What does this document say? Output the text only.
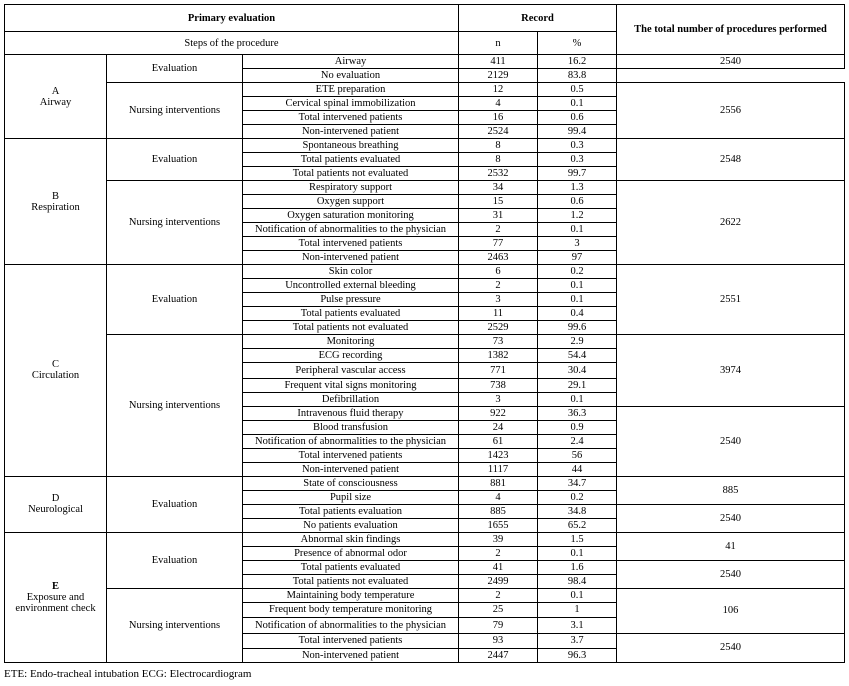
Primary evaluation			Record		The total number of procedures performed
Steps of the procedure			n	%	

A
Airway	Evaluation	Airway	411	16.2	2540
		No evaluation	2129	83.8	
	Nursing interventions	ETE preparation	12	0.5	2556
		Cervical spinal immobilization	4	0.1	
		Total intervened patients	16	0.6	
		Non-intervened patient	2524	99.4	

B
Respiration	Evaluation	Spontaneous breathing	8	0.3	2548
		Total patients evaluated	8	0.3	
		Total patients not evaluated	2532	99.7	
	Nursing interventions	Respiratory support	34	1.3	2622
		Oxygen support	15	0.6	
		Oxygen saturation monitoring	31	1.2	
		Notification of abnormalities to the physician	2	0.1	
		Total intervened patients	77	3	
		Non-intervened patient	2463	97	

C
Circulation	Evaluation	Skin color	6	0.2	2551
		Uncontrolled external bleeding	2	0.1	
		Pulse pressure	3	0.1	
		Total patients evaluated	11	0.4	
		Total patients not evaluated	2529	99.6	
	Nursing interventions	Monitoring	73	2.9	3974
		ECG recording	1382	54.4	
		Peripheral vascular access	771	30.4	
		Frequent vital signs monitoring	738	29.1	
		Defibrillation	3	0.1	
		Intravenous fluid therapy	922	36.3	2540
		Blood transfusion	24	0.9	
		Notification of abnormalities to the physician	61	2.4	
		Total intervened patients	1423	56	
		Non-intervened patient	1117	44	

D
Neurological	Evaluation	State of consciousness	881	34.7	885
		Pupil size	4	0.2	
		Total patients evaluation	885	34.8	2540
		No patients evaluation	1655	65.2	

E
Exposure and environment check	Evaluation	Abnormal skin findings	39	1.5	41
		Presence of abnormal odor	2	0.1	
		Total patients evaluated	41	1.6	2540
		Total patients not evaluated	2499	98.4	
	Nursing interventions	Maintaining body temperature	2	0.1	106
		Frequent body temperature monitoring	25	1	
		Notification of abnormalities to the physician	79	3.1	
		Total intervened patients	93	3.7	2540
		Non-intervened patient	2447	96.3	
ETE: Endo-tracheal intubation ECG: Electrocardiogram
